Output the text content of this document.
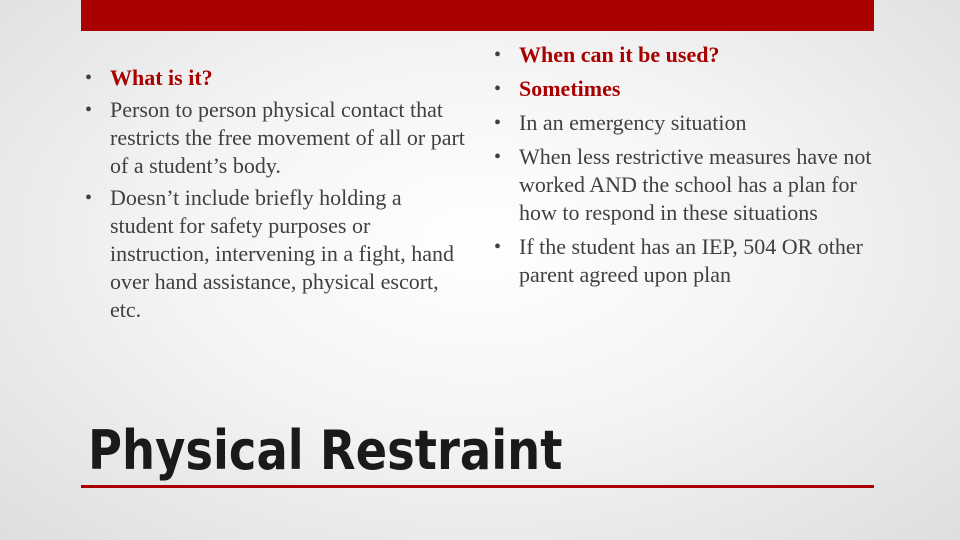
• What is it?
• Person to person physical contact that restricts the free movement of all or part of a student’s body.
• Doesn’t include briefly holding a student for safety purposes or instruction, intervening in a fight, hand over hand assistance, physical escort, etc.
• When can it be used?
• Sometimes
• In an emergency situation
• When less restrictive measures have not worked AND the school has a plan for how to respond in these situations
• If the student has an IEP, 504 OR other parent agreed upon plan
Physical Restraint
